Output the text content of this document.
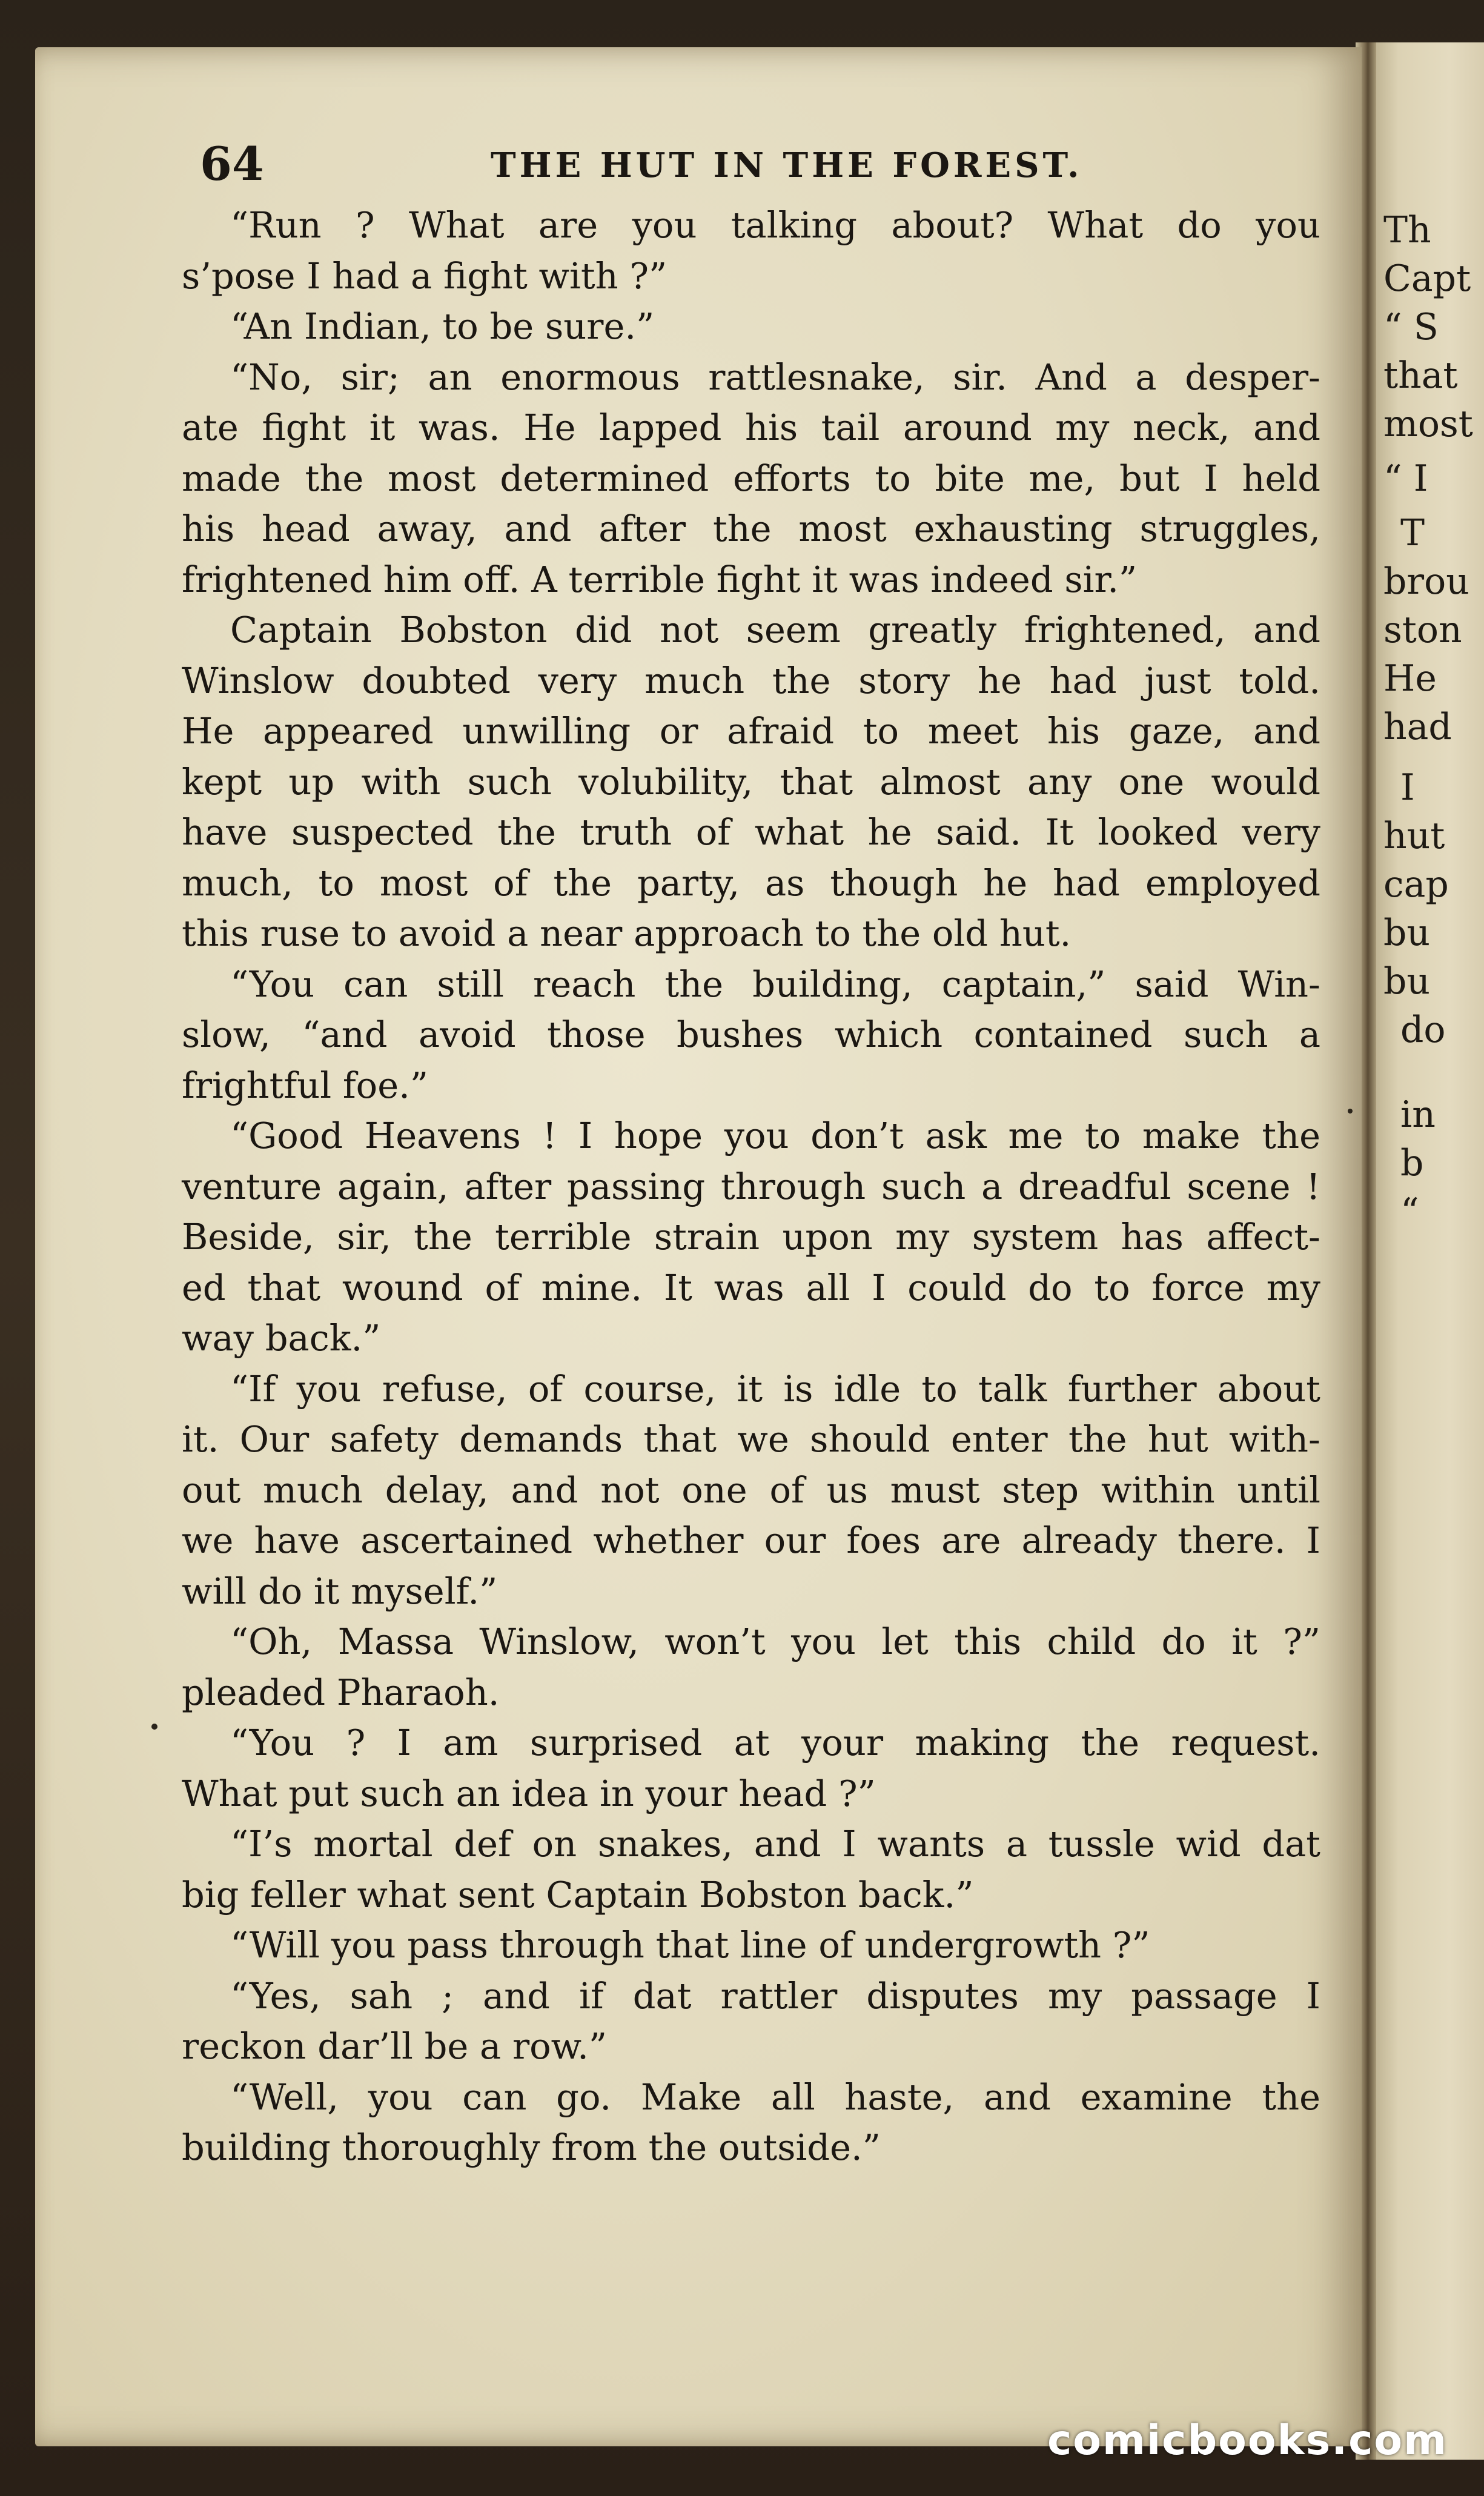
Th
Capt
“ S
that
most
“ I
T
brou
ston
He
had
I
hut
cap
bu
bu
do
in
b
“
64	THE HUT IN THE FOREST.
“Run ? What are you talking about? What do you
s’pose I had a fight with ?”
“An Indian, to be sure.”
“No, sir; an enormous rattlesnake, sir. And a desper-
ate fight it was. He lapped his tail around my neck, and
made the most determined efforts to bite me, but I held
his head away, and after the most exhausting struggles,
frightened him off. A terrible fight it was indeed sir.”
Captain Bobston did not seem greatly frightened, and
Winslow doubted very much the story he had just told.
He appeared unwilling or afraid to meet his gaze, and
kept up with such volubility, that almost any one would
have suspected the truth of what he said. It looked very
much, to most of the party, as though he had employed
this ruse to avoid a near approach to the old hut.
“You can still reach the building, captain,” said Win-
slow, “and avoid those bushes which contained such a
frightful foe.”
“Good Heavens ! I hope you don’t ask me to make the
venture again, after passing through such a dreadful scene !
Beside, sir, the terrible strain upon my system has affect-
ed that wound of mine. It was all I could do to force my
way back.”
“If you refuse, of course, it is idle to talk further about
it. Our safety demands that we should enter the hut with-
out much delay, and not one of us must step within until
we have ascertained whether our foes are already there. I
will do it myself.”
“Oh, Massa Winslow, won’t you let this child do it ?”
pleaded Pharaoh.
“You ? I am surprised at your making the request.
What put such an idea in your head ?”
“I’s mortal def on snakes, and I wants a tussle wid dat
big feller what sent Captain Bobston back.”
“Will you pass through that line of undergrowth ?”
“Yes, sah ; and if dat rattler disputes my passage I
reckon dar’ll be a row.”
“Well, you can go. Make all haste, and examine the
building thoroughly from the outside.”
comicbooks.com
